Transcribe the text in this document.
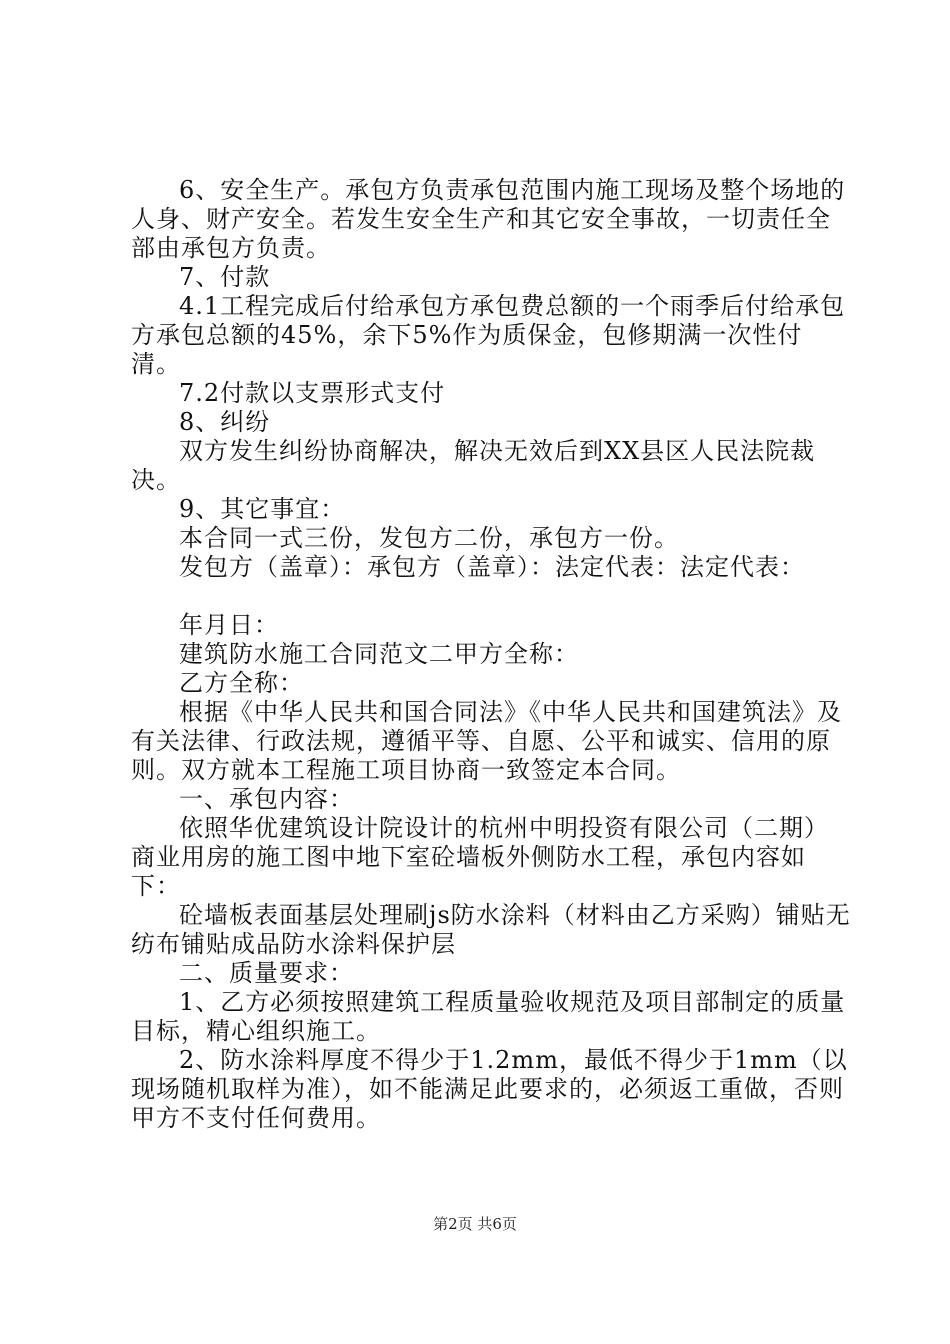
6、安全生产。承包方负责承包范围内施工现场及整个场地的人身、财产安全。若发生安全生产和其它安全事故，一切责任全部由承包方负责。

7、付款

4.1工程完成后付给承包方承包费总额的一个雨季后付给承包方承包总额的45%，余下5%作为质保金，包修期满一次性付清。

7.2付款以支票形式支付

8、纠纷

双方发生纠纷协商解决，解决无效后到XX县区人民法院裁决。

9、其它事宜：

本合同一式三份，发包方二份，承包方一份。

发包方（盖章）：承包方（盖章）：法定代表：法定代表：

年月日：

建筑防水施工合同范文二甲方全称：

乙方全称：

根据《中华人民共和国合同法》《中华人民共和国建筑法》及有关法律、行政法规，遵循平等、自愿、公平和诚实、信用的原则。双方就本工程施工项目协商一致签定本合同。

一、承包内容：

依照华优建筑设计院设计的杭州中明投资有限公司（二期）商业用房的施工图中地下室砼墙板外侧防水工程，承包内容如下：

砼墙板表面基层处理刷js防水涂料（材料由乙方采购）铺贴无纺布铺贴成品防水涂料保护层

二、质量要求：

1、乙方必须按照建筑工程质量验收规范及项目部制定的质量目标，精心组织施工。

2、防水涂料厚度不得少于1.2mm，最低不得少于1mm（以现场随机取样为准），如不能满足此要求的，必须返工重做，否则甲方不支付任何费用。

第2页 共6页
